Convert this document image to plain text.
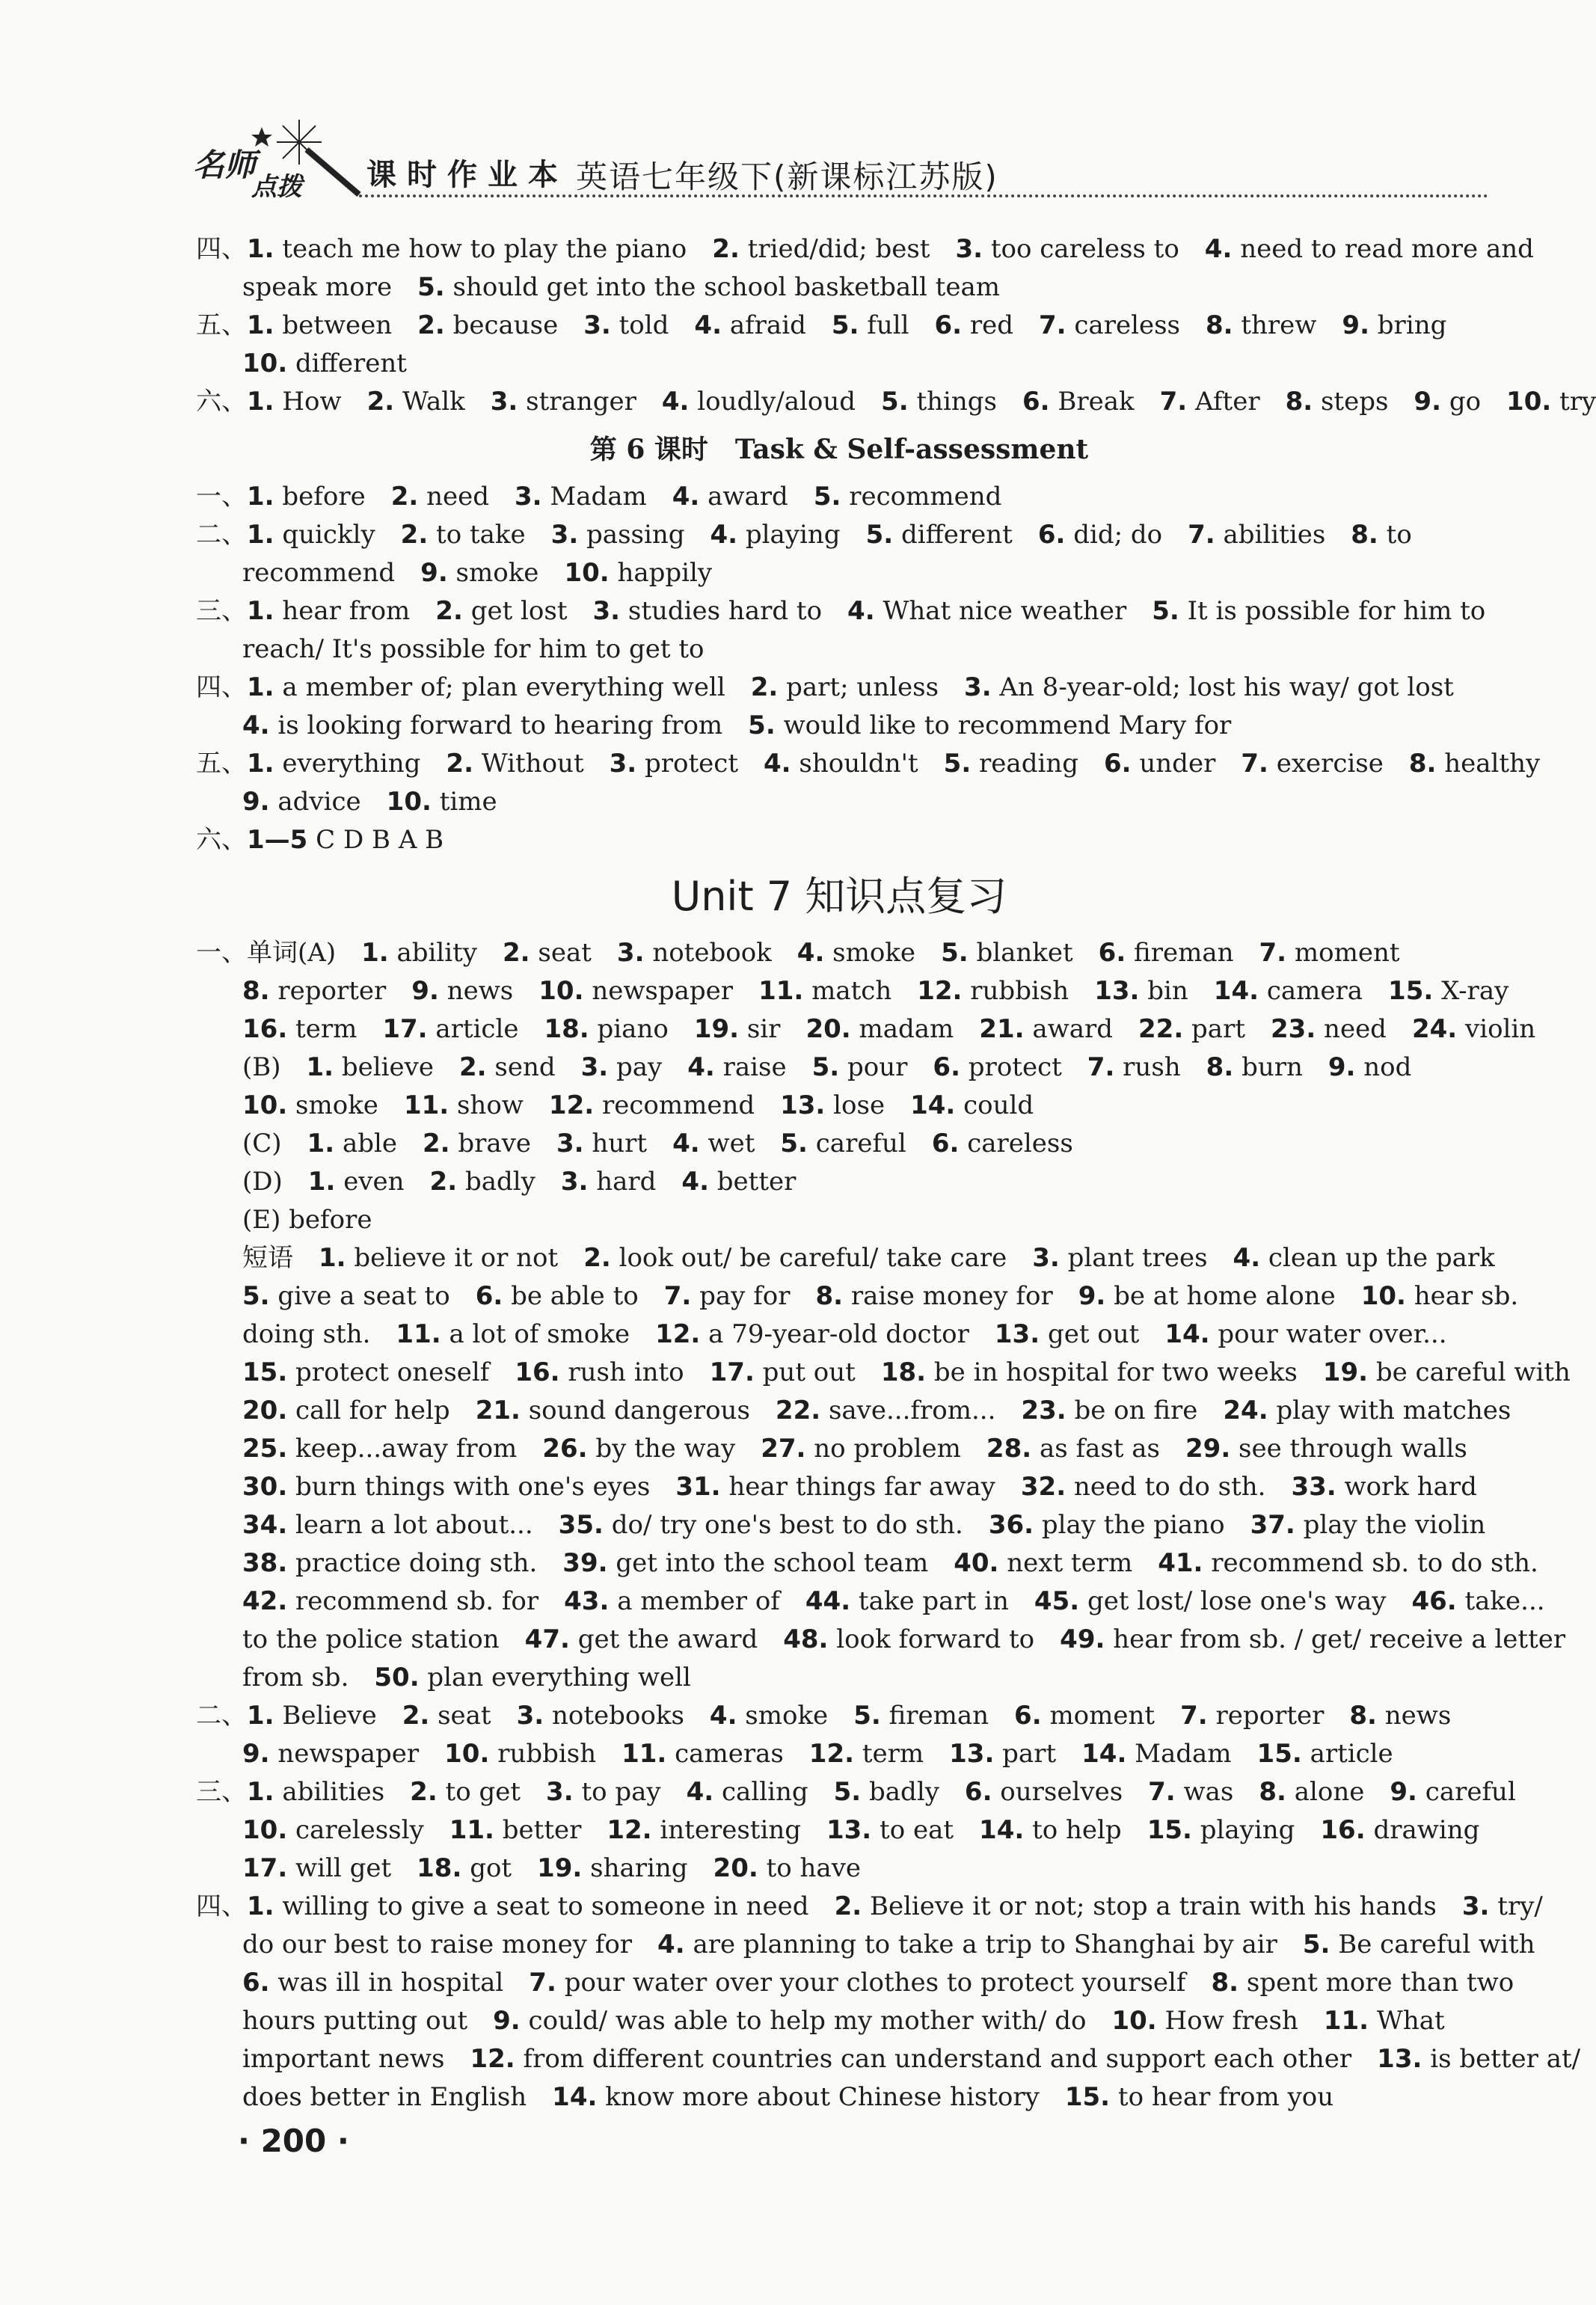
名师
点拨 课时作业本 英语七年级下(新课标江苏版)
四、1. teach me how to play the piano  2. tried/did; best  3. too careless to  4. need to read more and
speak more  5. should get into the school basketball team
五、1. between  2. because  3. told  4. afraid  5. full  6. red  7. careless  8. threw  9. bring
10. different
六、1. How  2. Walk  3. stranger  4. loudly/aloud  5. things  6. Break  7. After  8. steps  9. go  10. try
第 6 课时　Task & Self-assessment
一、1. before  2. need  3. Madam  4. award  5. recommend
二、1. quickly  2. to take  3. passing  4. playing  5. different  6. did; do  7. abilities  8. to
recommend  9. smoke  10. happily
三、1. hear from  2. get lost  3. studies hard to  4. What nice weather  5. It is possible for him to
reach/ It's possible for him to get to
四、1. a member of; plan everything well  2. part; unless  3. An 8-year-old; lost his way/ got lost
4. is looking forward to hearing from  5. would like to recommend Mary for
五、1. everything  2. Without  3. protect  4. shouldn't  5. reading  6. under  7. exercise  8. healthy
9. advice  10. time
六、1—5 C D B A B
Unit 7 知识点复习
一、单词(A)  1. ability  2. seat  3. notebook  4. smoke  5. blanket  6. fireman  7. moment
8. reporter  9. news  10. newspaper  11. match  12. rubbish  13. bin  14. camera  15. X-ray
16. term  17. article  18. piano  19. sir  20. madam  21. award  22. part  23. need  24. violin
(B)  1. believe  2. send  3. pay  4. raise  5. pour  6. protect  7. rush  8. burn  9. nod
10. smoke  11. show  12. recommend  13. lose  14. could
(C)  1. able  2. brave  3. hurt  4. wet  5. careful  6. careless
(D)  1. even  2. badly  3. hard  4. better
(E) before
短语  1. believe it or not  2. look out/ be careful/ take care  3. plant trees  4. clean up the park
5. give a seat to  6. be able to  7. pay for  8. raise money for  9. be at home alone  10. hear sb.
doing sth.  11. a lot of smoke  12. a 79-year-old doctor  13. get out  14. pour water over...
15. protect oneself  16. rush into  17. put out  18. be in hospital for two weeks  19. be careful with
20. call for help  21. sound dangerous  22. save...from...  23. be on fire  24. play with matches
25. keep...away from  26. by the way  27. no problem  28. as fast as  29. see through walls
30. burn things with one's eyes  31. hear things far away  32. need to do sth.  33. work hard
34. learn a lot about...  35. do/ try one's best to do sth.  36. play the piano  37. play the violin
38. practice doing sth.  39. get into the school team  40. next term  41. recommend sb. to do sth.
42. recommend sb. for  43. a member of  44. take part in  45. get lost/ lose one's way  46. take...
to the police station  47. get the award  48. look forward to  49. hear from sb. / get/ receive a letter
from sb.  50. plan everything well
二、1. Believe  2. seat  3. notebooks  4. smoke  5. fireman  6. moment  7. reporter  8. news
9. newspaper  10. rubbish  11. cameras  12. term  13. part  14. Madam  15. article
三、1. abilities  2. to get  3. to pay  4. calling  5. badly  6. ourselves  7. was  8. alone  9. careful
10. carelessly  11. better  12. interesting  13. to eat  14. to help  15. playing  16. drawing
17. will get  18. got  19. sharing  20. to have
四、1. willing to give a seat to someone in need  2. Believe it or not; stop a train with his hands  3. try/
do our best to raise money for  4. are planning to take a trip to Shanghai by air  5. Be careful with
6. was ill in hospital  7. pour water over your clothes to protect yourself  8. spent more than two
hours putting out  9. could/ was able to help my mother with/ do  10. How fresh  11. What
important news  12. from different countries can understand and support each other  13. is better at/
does better in English  14. know more about Chinese history  15. to hear from you
· 200 ·
